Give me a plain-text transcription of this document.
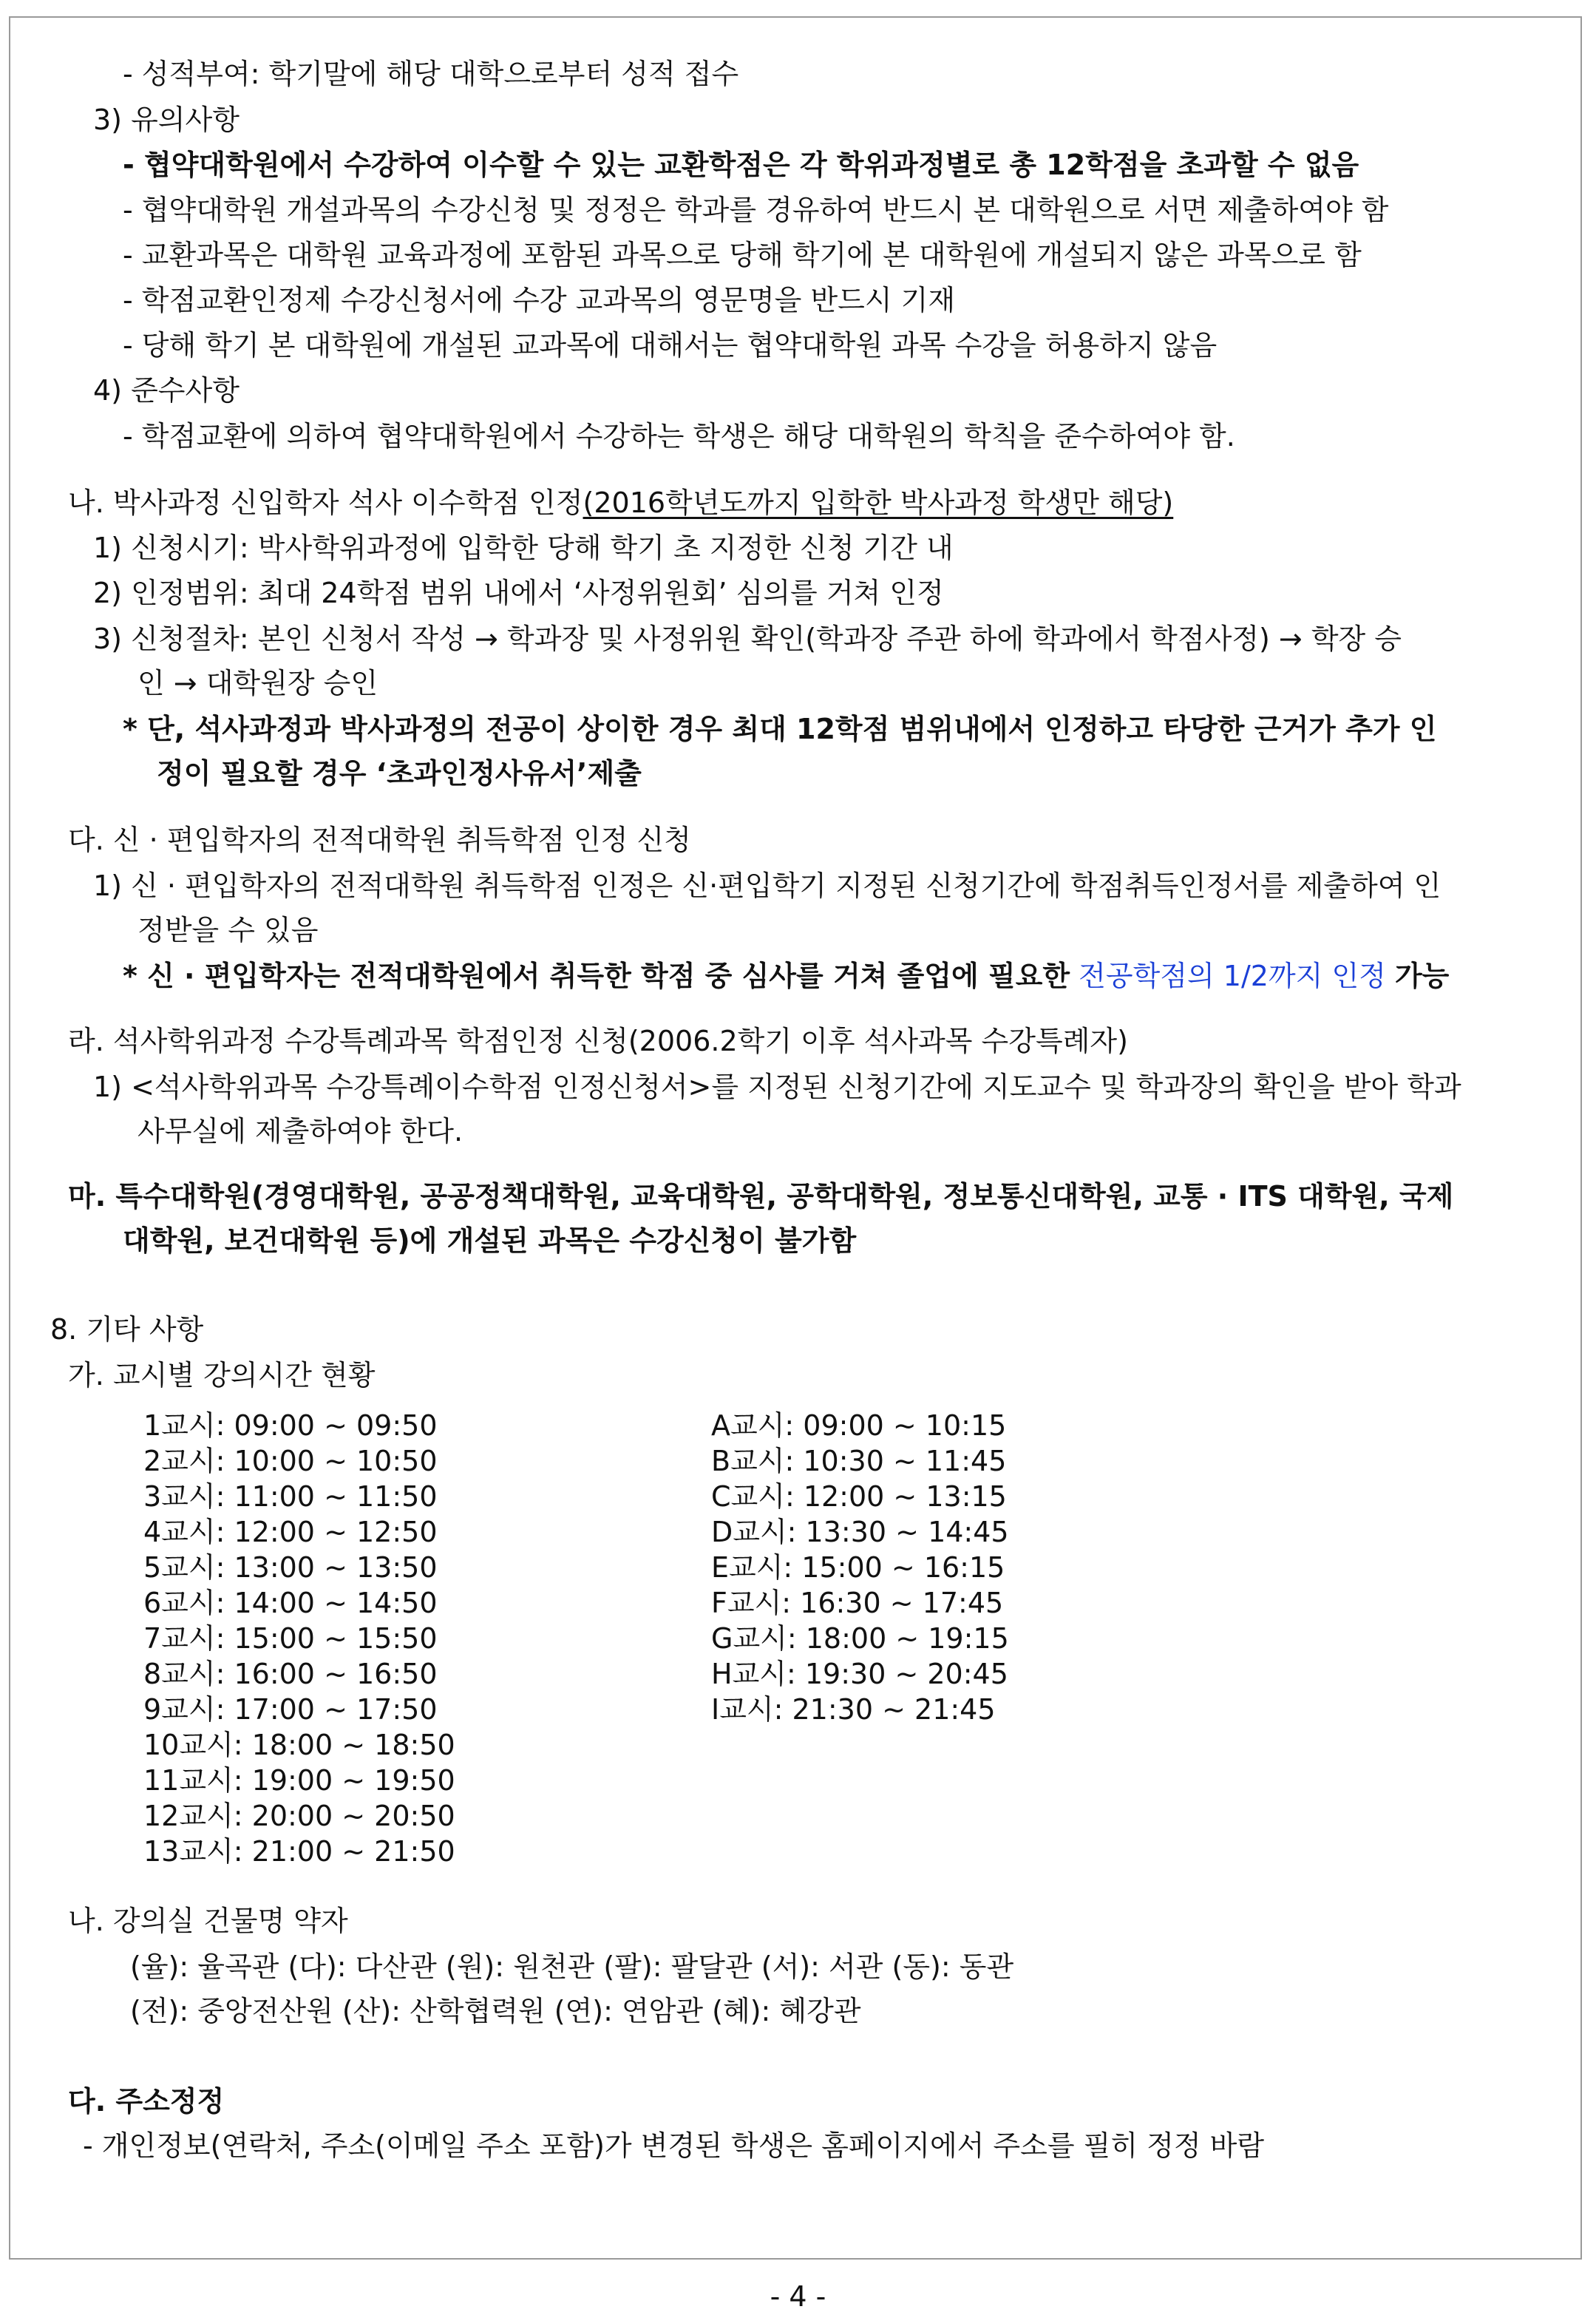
- 성적부여: 학기말에 해당 대학으로부터 성적 접수
3) 유의사항
- 협약대학원에서 수강하여 이수할 수 있는 교환학점은 각 학위과정별로 총 12학점을 초과할 수 없음
- 협약대학원 개설과목의 수강신청 및 정정은 학과를 경유하여 반드시 본 대학원으로 서면 제출하여야 함
- 교환과목은 대학원 교육과정에 포함된 과목으로 당해 학기에 본 대학원에 개설되지 않은 과목으로 함
- 학점교환인정제 수강신청서에 수강 교과목의 영문명을 반드시 기재
- 당해 학기 본 대학원에 개설된 교과목에 대해서는 협약대학원 과목 수강을 허용하지 않음
4) 준수사항
- 학점교환에 의하여 협약대학원에서 수강하는 학생은 해당 대학원의 학칙을 준수하여야 함.
나. 박사과정 신입학자 석사 이수학점 인정(2016학년도까지 입학한 박사과정 학생만 해당)
1) 신청시기: 박사학위과정에 입학한 당해 학기 초 지정한 신청 기간 내
2) 인정범위: 최대 24학점 범위 내에서 ‘사정위원회’ 심의를 거쳐 인정
3) 신청절차: 본인 신청서 작성 → 학과장 및 사정위원 확인(학과장 주관 하에 학과에서 학점사정) → 학장 승
인 → 대학원장 승인
* 단, 석사과정과 박사과정의 전공이 상이한 경우 최대 12학점 범위내에서 인정하고 타당한 근거가 추가 인
정이 필요할 경우 ‘초과인정사유서’제출
다. 신 · 편입학자의 전적대학원 취득학점 인정 신청
1) 신 · 편입학자의 전적대학원 취득학점 인정은 신·편입학기 지정된 신청기간에 학점취득인정서를 제출하여 인
정받을 수 있음
* 신 · 편입학자는 전적대학원에서 취득한 학점 중 심사를 거쳐 졸업에 필요한 전공학점의 1/2까지 인정 가능
라. 석사학위과정 수강특례과목 학점인정 신청(2006.2학기 이후 석사과목 수강특례자)
1) <석사학위과목 수강특례이수학점 인정신청서>를 지정된 신청기간에 지도교수 및 학과장의 확인을 받아 학과
사무실에 제출하여야 한다.
마. 특수대학원(경영대학원, 공공정책대학원, 교육대학원, 공학대학원, 정보통신대학원, 교통 · ITS 대학원, 국제
대학원, 보건대학원 등)에 개설된 과목은 수강신청이 불가함
8. 기타 사항
가. 교시별 강의시간 현황
1교시: 09:00 ~ 09:50
2교시: 10:00 ~ 10:50
3교시: 11:00 ~ 11:50
4교시: 12:00 ~ 12:50
5교시: 13:00 ~ 13:50
6교시: 14:00 ~ 14:50
7교시: 15:00 ~ 15:50
8교시: 16:00 ~ 16:50
9교시: 17:00 ~ 17:50
10교시: 18:00 ~ 18:50
11교시: 19:00 ~ 19:50
12교시: 20:00 ~ 20:50
13교시: 21:00 ~ 21:50
A교시: 09:00 ~ 10:15
B교시: 10:30 ~ 11:45
C교시: 12:00 ~ 13:15
D교시: 13:30 ~ 14:45
E교시: 15:00 ~ 16:15
F교시: 16:30 ~ 17:45
G교시: 18:00 ~ 19:15
H교시: 19:30 ~ 20:45
I교시: 21:30 ~ 21:45
나. 강의실 건물명 약자
(율): 율곡관 (다): 다산관 (원): 원천관 (팔): 팔달관 (서): 서관 (동): 동관
(전): 중앙전산원 (산): 산학협력원 (연): 연암관 (혜): 혜강관
다. 주소정정
- 개인정보(연락처, 주소(이메일 주소 포함)가 변경된 학생은 홈페이지에서 주소를 필히 정정 바람
- 4 -
